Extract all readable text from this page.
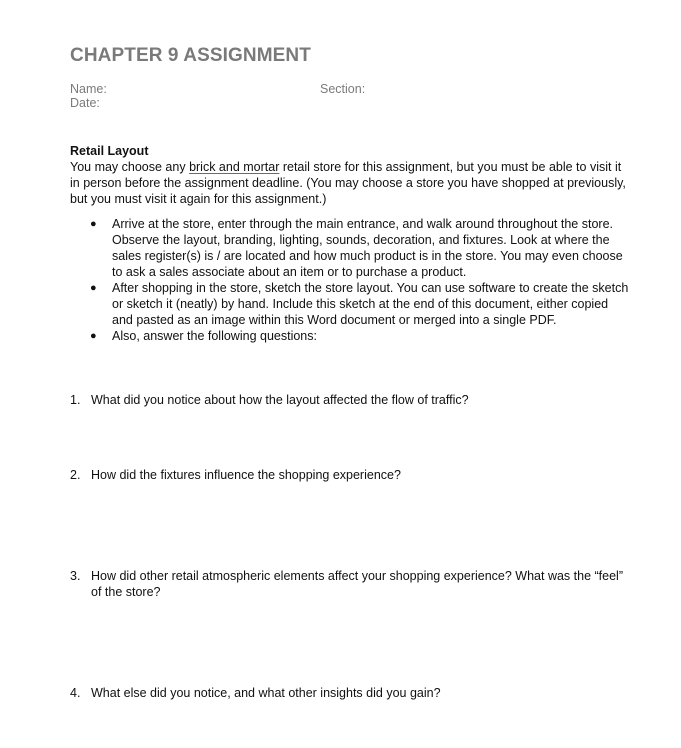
CHAPTER 9 ASSIGNMENT
Name:	Section:
Date:
Retail Layout
You may choose any brick and mortar retail store for this assignment, but you must be able to visit it in person before the assignment deadline. (You may choose a store you have shopped at previously, but you must visit it again for this assignment.)
●	Arrive at the store, enter through the main entrance, and walk around throughout the store. Observe the layout, branding, lighting, sounds, decoration, and fixtures. Look at where the sales register(s) is / are located and how much product is in the store. You may even choose to ask a sales associate about an item or to purchase a product.
●	After shopping in the store, sketch the store layout. You can use software to create the sketch or sketch it (neatly) by hand. Include this sketch at the end of this document, either copied and pasted as an image within this Word document or merged into a single PDF.
●	Also, answer the following questions:
1. What did you notice about how the layout affected the flow of traffic?
2. How did the fixtures influence the shopping experience?
3. How did other retail atmospheric elements affect your shopping experience? What was the “feel” of the store?
4. What else did you notice, and what other insights did you gain?
